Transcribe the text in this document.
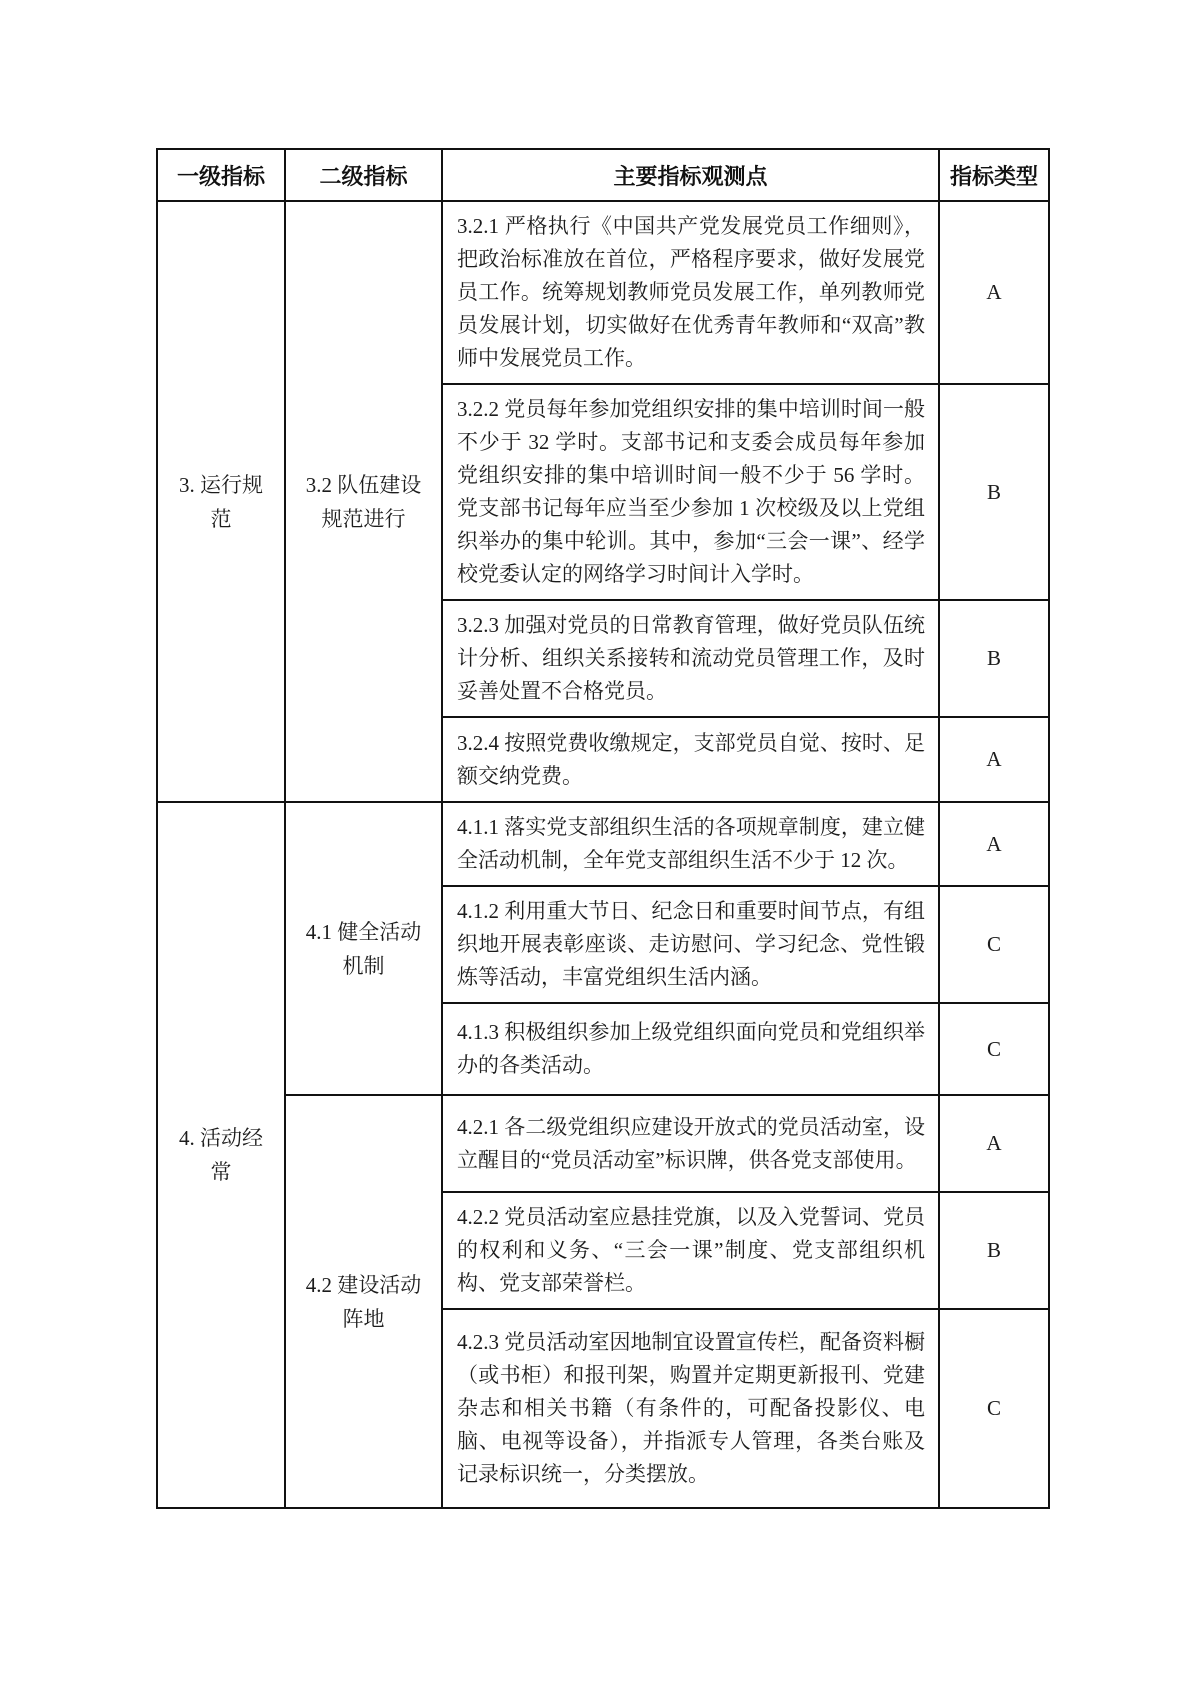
一级指标	二级指标	主要指标观测点	指标类型
3. 运行规范	3.2 队伍建设规范进行	3.2.1 严格执行《中国共产党发展党员工作细则》，把政治标准放在首位，严格程序要求，做好发展党员工作。统筹规划教师党员发展工作，单列教师党员发展计划，切实做好在优秀青年教师和“双高”教师中发展党员工作。	A
		3.2.2 党员每年参加党组织安排的集中培训时间一般不少于 32 学时。支部书记和支委会成员每年参加党组织安排的集中培训时间一般不少于 56 学时。党支部书记每年应当至少参加 1 次校级及以上党组织举办的集中轮训。其中，参加“三会一课”、经学校党委认定的网络学习时间计入学时。	B
		3.2.3 加强对党员的日常教育管理，做好党员队伍统计分析、组织关系接转和流动党员管理工作，及时妥善处置不合格党员。	B
		3.2.4 按照党费收缴规定，支部党员自觉、按时、足额交纳党费。	A
4. 活动经常	4.1 健全活动机制	4.1.1 落实党支部组织生活的各项规章制度，建立健全活动机制，全年党支部组织生活不少于 12 次。	A
		4.1.2 利用重大节日、纪念日和重要时间节点，有组织地开展表彰座谈、走访慰问、学习纪念、党性锻炼等活动，丰富党组织生活内涵。	C
		4.1.3 积极组织参加上级党组织面向党员和党组织举办的各类活动。	C
	4.2 建设活动阵地	4.2.1 各二级党组织应建设开放式的党员活动室，设立醒目的“党员活动室”标识牌，供各党支部使用。	A
		4.2.2 党员活动室应悬挂党旗，以及入党誓词、党员的权利和义务、“三会一课”制度、党支部组织机构、党支部荣誉栏。	B
		4.2.3 党员活动室因地制宜设置宣传栏，配备资料橱（或书柜）和报刊架，购置并定期更新报刊、党建杂志和相关书籍（有条件的，可配备投影仪、电脑、电视等设备），并指派专人管理，各类台账及记录标识统一，分类摆放。	C
